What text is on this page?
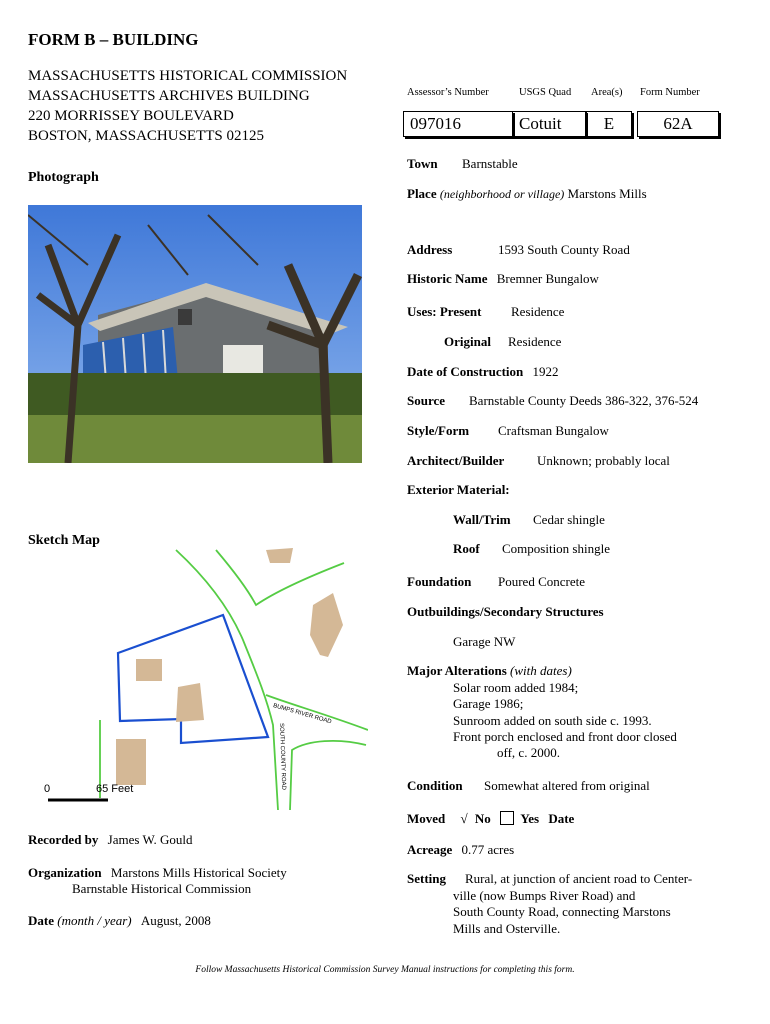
FORM B – BUILDING
MASSACHUSETTS HISTORICAL COMMISSION
MASSACHUSETTS ARCHIVES BUILDING
220 MORRISSEY BOULEVARD
BOSTON, MASSACHUSETTS 02125
Assessor’s Number	USGS Quad Area(s) Form Number
097016	Cotuit	E	62A
Photograph
Town Barnstable
Place (neighborhood or village) Marstons Mills
Address	1593 South County Road
Historic Name Bremner Bungalow
Uses: Present Residence
Original Residence
Date of Construction 1922
Source Barnstable County Deeds 386-322, 376-524
Style/Form Craftsman Bungalow
Architect/Builder	Unknown; probably local
Exterior Material:
Wall/Trim Cedar shingle
Roof Composition shingle
Foundation Poured Concrete
Outbuildings/Secondary Structures
Garage NW
Major Alterations (with dates)
Solar room added 1984;
Garage 1986;
Sunroom added on south side c. 1993.
Front porch enclosed and front door closed
off, c. 2000.
Condition Somewhat altered from original
Moved √ No Yes Date
Acreage 0.77 acres
Setting Rural, at junction of ancient road to Center-
ville (now Bumps River Road) and
South County Road, connecting Marstons
Mills and Osterville.
Sketch Map
0	65 Feet
BUMPS RIVER ROAD
SOUTH COUNTY ROAD
Recorded by James W. Gould
Organization Marstons Mills Historical Society
Barnstable Historical Commission
Date (month / year) August, 2008
Follow Massachusetts Historical Commission Survey Manual instructions for completing this form.
